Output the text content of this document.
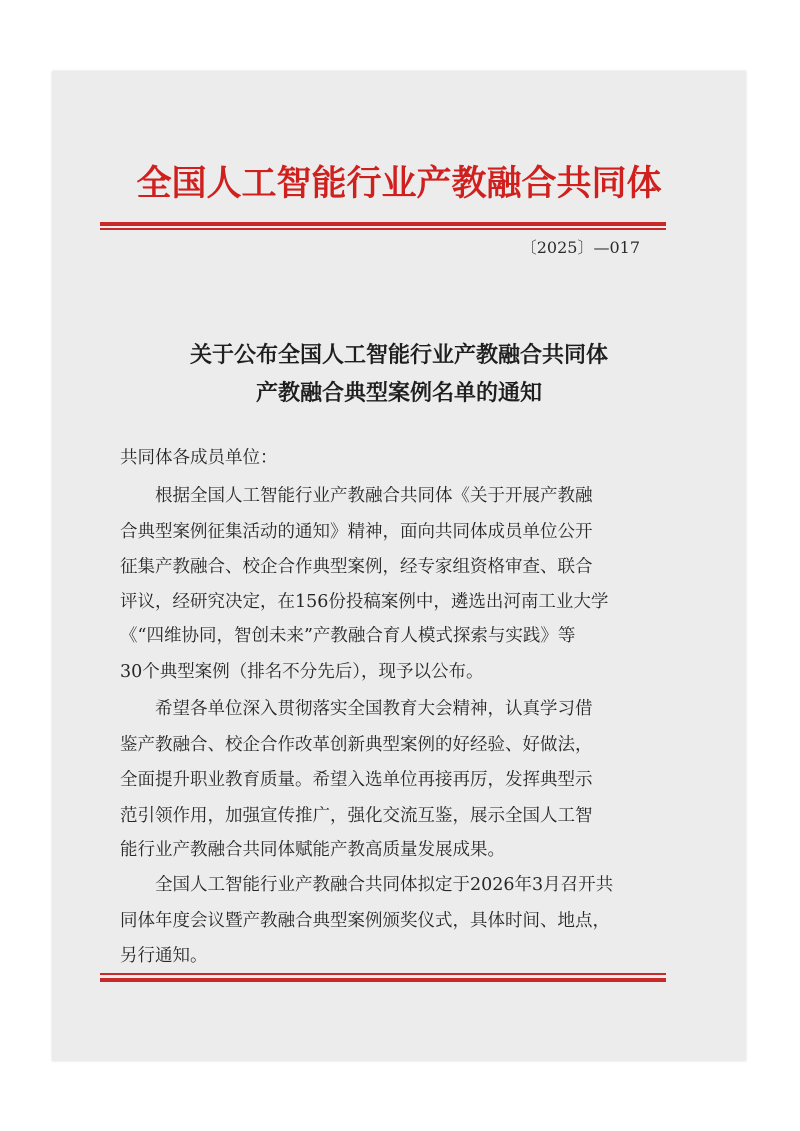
全国人工智能行业产教融合共同体
〔2025〕—017
关于公布全国人工智能行业产教融合共同体
产教融合典型案例名单的通知
共同体各成员单位：
　　根据全国人工智能行业产教融合共同体《关于开展产教融
合典型案例征集活动的通知》精神，面向共同体成员单位公开
征集产教融合、校企合作典型案例，经专家组资格审查、联合
评议，经研究决定，在156份投稿案例中，遴选出河南工业大学
《“四维协同，智创未来”产教融合育人模式探索与实践》等
30个典型案例（排名不分先后），现予以公布。
　　希望各单位深入贯彻落实全国教育大会精神，认真学习借
鉴产教融合、校企合作改革创新典型案例的好经验、好做法，
全面提升职业教育质量。希望入选单位再接再厉，发挥典型示
范引领作用，加强宣传推广，强化交流互鉴，展示全国人工智
能行业产教融合共同体赋能产教高质量发展成果。
　　全国人工智能行业产教融合共同体拟定于2026年3月召开共
同体年度会议暨产教融合典型案例颁奖仪式，具体时间、地点，
另行通知。
